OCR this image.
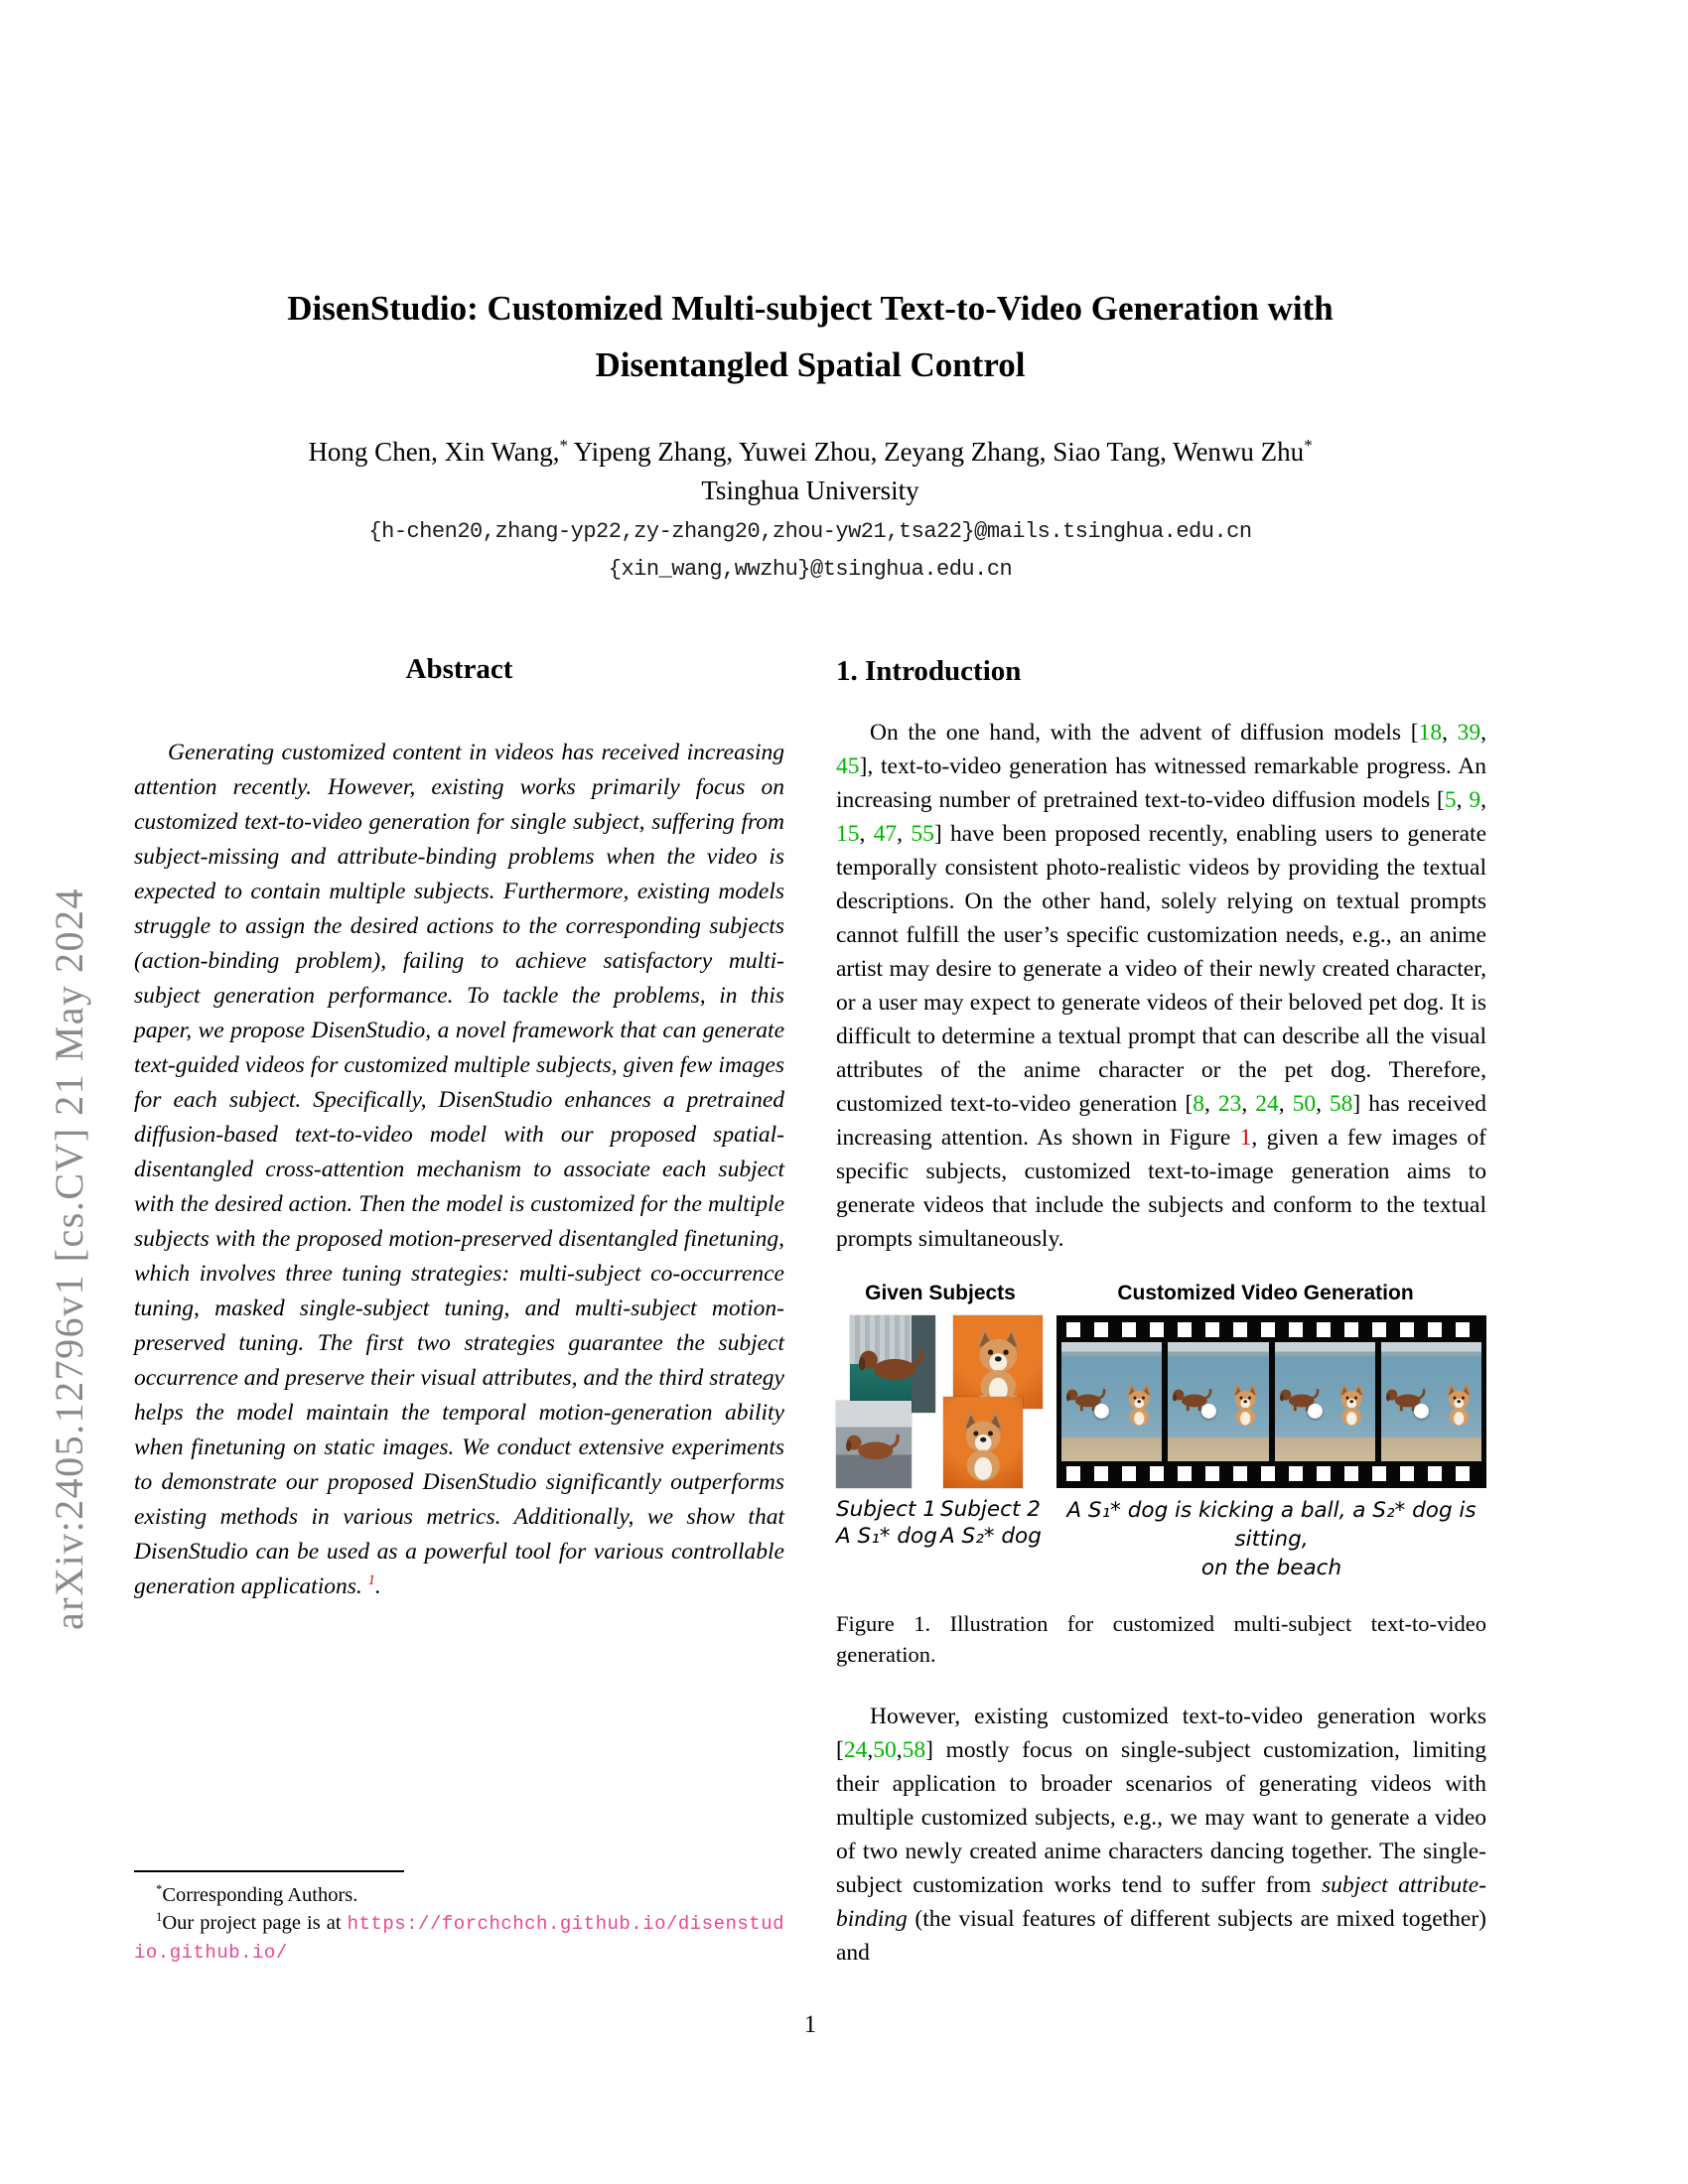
arXiv:2405.12796v1 [cs.CV] 21 May 2024
DisenStudio: Customized Multi-subject Text-to-Video Generation with
Disentangled Spatial Control
Hong Chen, Xin Wang,* Yipeng Zhang, Yuwei Zhou, Zeyang Zhang, Siao Tang, Wenwu Zhu*
Tsinghua University
{h-chen20,zhang-yp22,zy-zhang20,zhou-yw21,tsa22}@mails.tsinghua.edu.cn
{xin_wang,wwzhu}@tsinghua.edu.cn
Abstract

Generating customized content in videos has received increasing attention recently. However, existing works primarily focus on customized text-to-video generation for single subject, suffering from subject-missing and attribute-binding problems when the video is expected to contain multiple subjects. Furthermore, existing models struggle to assign the desired actions to the corresponding subjects (action-binding problem), failing to achieve satisfactory multi-subject generation performance. To tackle the problems, in this paper, we propose DisenStudio, a novel framework that can generate text-guided videos for customized multiple subjects, given few images for each subject. Specifically, DisenStudio enhances a pretrained diffusion-based text-to-video model with our proposed spatial-disentangled cross-attention mechanism to associate each subject with the desired action. Then the model is customized for the multiple subjects with the proposed motion-preserved disentangled finetuning, which involves three tuning strategies: multi-subject co-occurrence tuning, masked single-subject tuning, and multi-subject motion-preserved tuning. The first two strategies guarantee the subject occurrence and preserve their visual attributes, and the third strategy helps the model maintain the temporal motion-generation ability when finetuning on static images. We conduct extensive experiments to demonstrate our proposed DisenStudio significantly outperforms existing methods in various metrics. Additionally, we show that DisenStudio can be used as a powerful tool for various controllable generation applications. $^1$.

1. Introduction

On the one hand, with the advent of diffusion models [18, 39, 45], text-to-video generation has witnessed remarkable progress. An increasing number of pretrained text-to-video diffusion models [5, 9, 15, 47, 55] have been proposed recently, enabling users to generate temporally consistent photo-realistic videos by providing the textual descriptions. On the other hand, solely relying on textual prompts cannot fulfill the user’s specific customization needs, e.g., an anime artist may desire to generate a video of their newly created character, or a user may expect to generate videos of their beloved pet dog. It is difficult to determine a textual prompt that can describe all the visual attributes of the anime character or the pet dog. Therefore, customized text-to-video generation [8, 23, 24, 50, 58] has received increasing attention. As shown in Figure 1, given a few images of specific subjects, customized text-to-image generation aims to generate videos that include the subjects and conform to the textual prompts simultaneously.

Given Subjects	Customized Video Generation
Subject 1
A S₁* dog
Subject 2
A S₂* dog
A S₁* dog is kicking a ball, a S₂* dog is sitting,
on the beach

Figure 1. Illustration for customized multi-subject text-to-video generation.

However, existing customized text-to-video generation works [24,50,58] mostly focus on single-subject customization, limiting their application to broader scenarios of generating videos with multiple customized subjects, e.g., we may want to generate a video of two newly created anime characters dancing together. The single-subject customization works tend to suffer from subject attribute-binding (the visual features of different subjects are mixed together) and

*Corresponding Authors.

$^1$Our project page is at https://forchchch.github.io/disenstudio.github.io/

1
